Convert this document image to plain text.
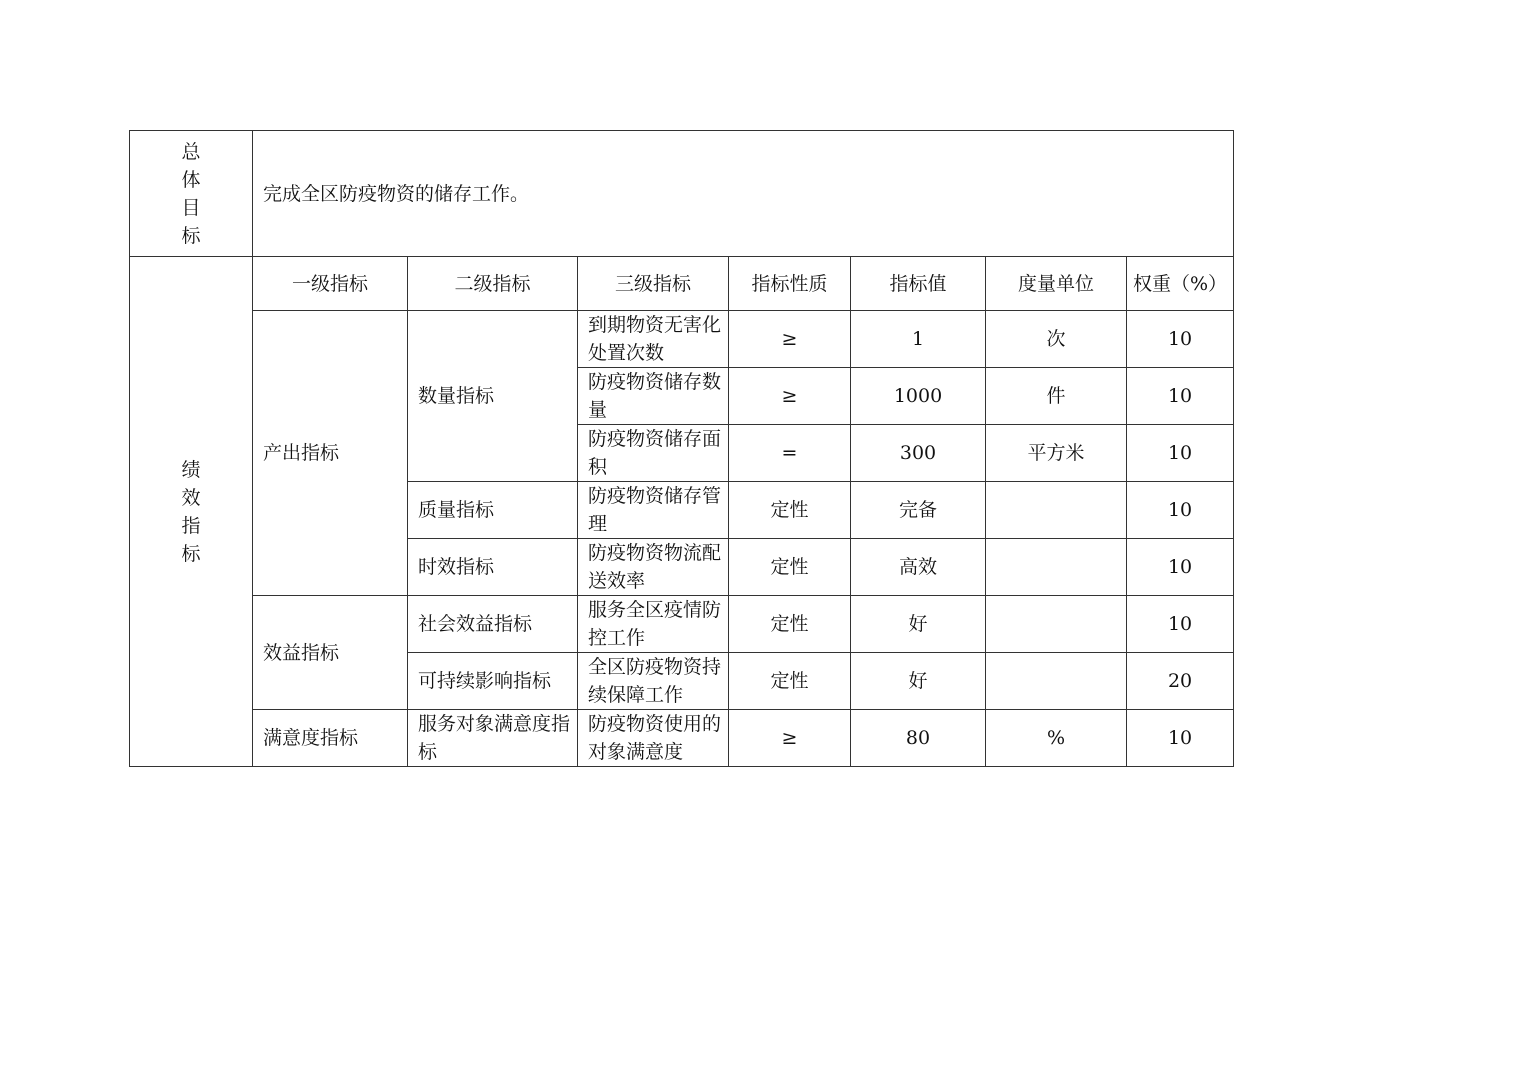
总
体
目
标	完成全区防疫物资的储存工作。						

绩
效
指
标	一级指标	二级指标	三级指标	指标性质	指标值	度量单位	权重（%）
	产出指标	数量指标	到期物资无害化处置次数	≥	1	次	10
			防疫物资储存数量	≥	1000	件	10
			防疫物资储存面积	=	300	平方米	10
		质量指标	防疫物资储存管理	定性	完备		10
		时效指标	防疫物资物流配送效率	定性	高效		10
	效益指标	社会效益指标	服务全区疫情防控工作	定性	好		10
		可持续影响指标	全区防疫物资持续保障工作	定性	好		20
	满意度指标	服务对象满意度指标	防疫物资使用的对象满意度	≥	80	%	10
